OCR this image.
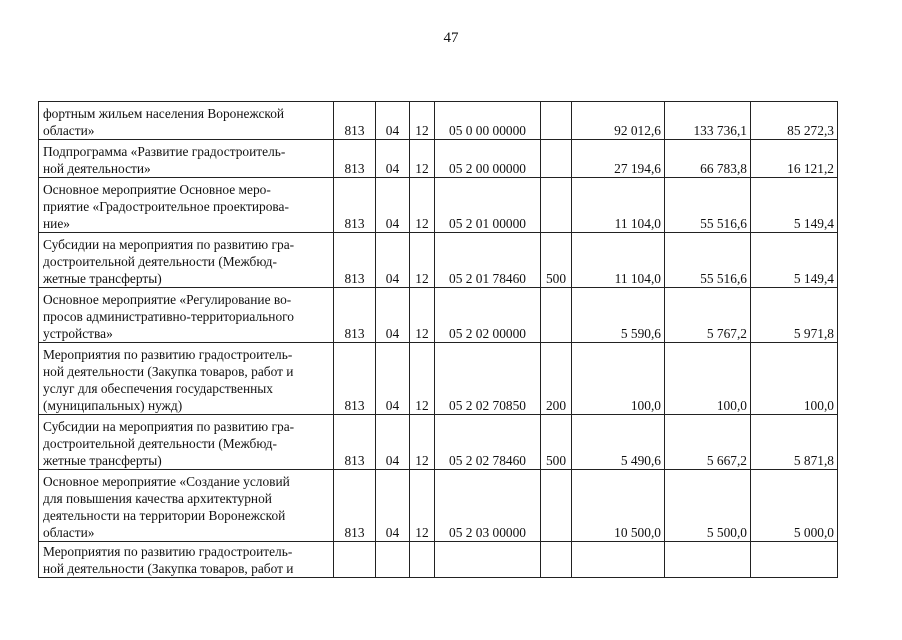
47
фортным жильем населения Воронежской
области»	813	04	12	05 0 00 00000		92 012,6	133 736,1	85 272,3
Подпрограмма «Развитие градостроитель-
ной деятельности»	813	04	12	05 2 00 00000		27 194,6	66 783,8	16 121,2
Основное мероприятие Основное меро-
приятие «Градостроительное проектирова-
ние»	813	04	12	05 2 01 00000		11 104,0	55 516,6	5 149,4
Субсидии на мероприятия по развитию гра-
достроительной деятельности (Межбюд-
жетные трансферты)	813	04	12	05 2 01 78460	500	11 104,0	55 516,6	5 149,4
Основное мероприятие «Регулирование во-
просов административно-территориального
устройства»	813	04	12	05 2 02 00000		5 590,6	5 767,2	5 971,8
Мероприятия по развитию градостроитель-
ной деятельности (Закупка товаров, работ и
услуг для обеспечения государственных
(муниципальных) нужд)	813	04	12	05 2 02 70850	200	100,0	100,0	100,0
Субсидии на мероприятия по развитию гра-
достроительной деятельности (Межбюд-
жетные трансферты)	813	04	12	05 2 02 78460	500	5 490,6	5 667,2	5 871,8
Основное мероприятие «Создание условий
для повышения качества архитектурной
деятельности на территории Воронежской
области»	813	04	12	05 2 03 00000		10 500,0	5 500,0	5 000,0
Мероприятия по развитию градостроитель-
ной деятельности (Закупка товаров, работ и								
